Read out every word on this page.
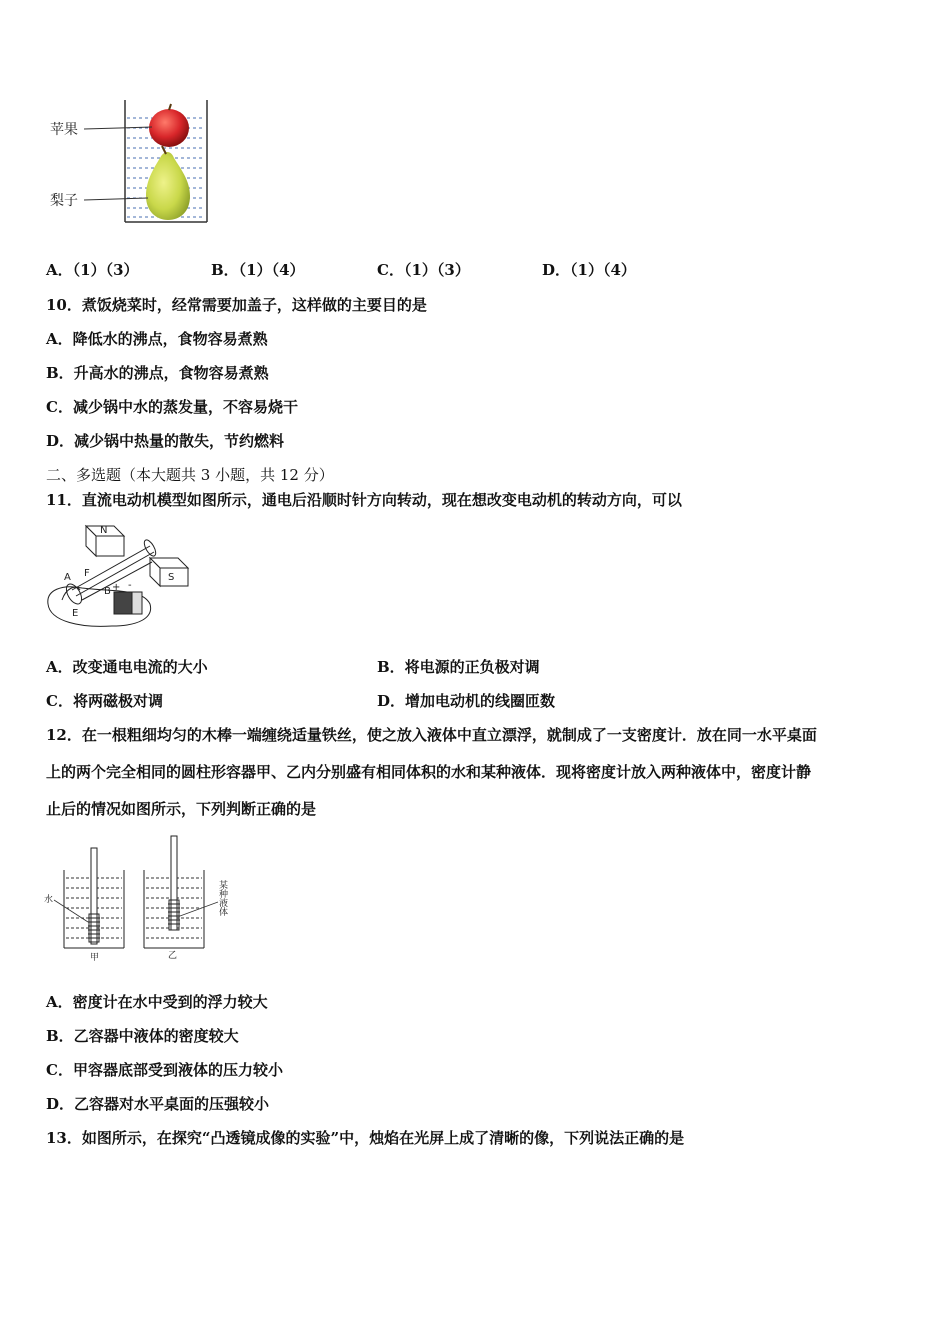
苹果
梨子
A．（1）（3）	B．（1）（4）	C．（1）（3）	D．（1）（4）
10．煮饭烧菜时，经常需要加盖子，这样做的主要目的是
A．降低水的沸点，食物容易煮熟
B．升高水的沸点，食物容易煮熟
C．减少锅中水的蒸发量，不容易烧干
D．减少锅中热量的散失，节约燃料
二、多选题（本大题共 3 小题，共 12 分）
11．直流电动机模型如图所示，通电后沿顺时针方向转动，现在想改变电动机的转动方向，可以
N
S
A F
B
E
+ -
A．改变通电电流的大小	B．将电源的正负极对调
C．将两磁极对调	D．增加电动机的线圈匝数
12．在一根粗细均匀的木棒一端缠绕适量铁丝，使之放入液体中直立漂浮，就制成了一支密度计．放在同一水平桌面
上的两个完全相同的圆柱形容器甲、乙内分别盛有相同体积的水和某种液体．现将密度计放入两种液体中，密度计静
止后的情况如图所示，下列判断正确的是
水
甲
某种液体
乙
A．密度计在水中受到的浮力较大
B．乙容器中液体的密度较大
C．甲容器底部受到液体的压力较小
D．乙容器对水平桌面的压强较小
13．如图所示，在探究“凸透镜成像的实验”中，烛焰在光屏上成了清晰的像，下列说法正确的是
